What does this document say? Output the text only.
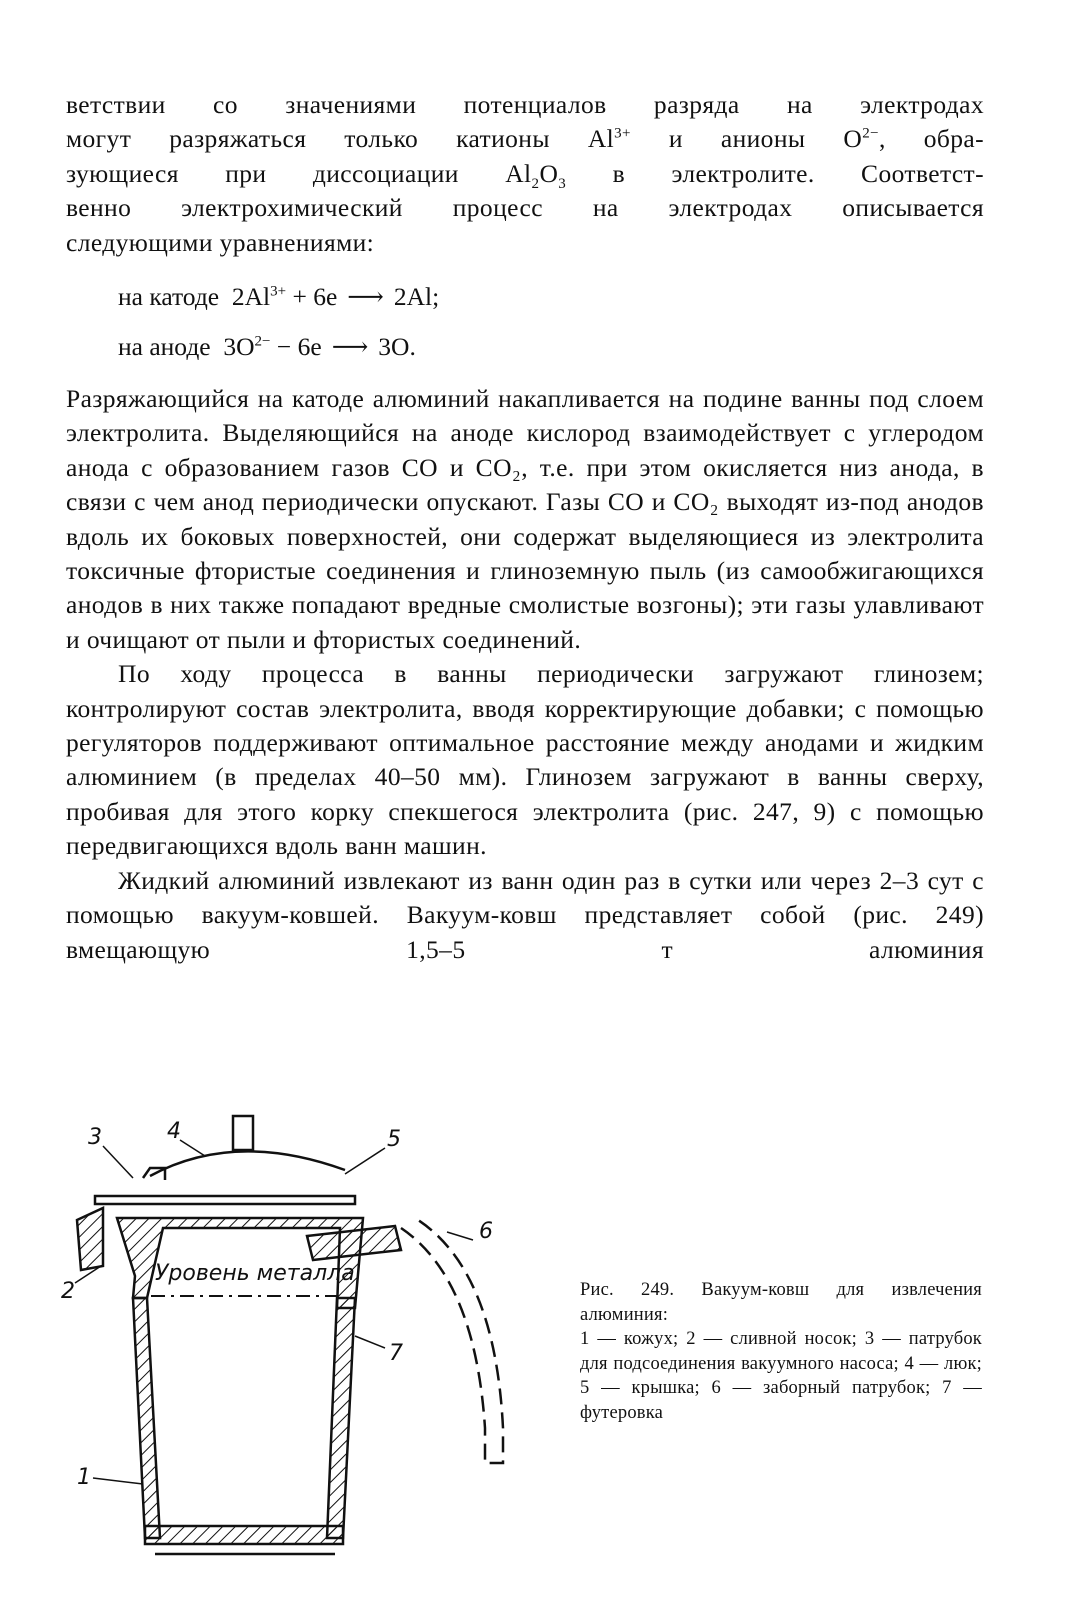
ветствии со значениями потенциалов разряда на электродах

могут разряжаться только катионы $Al^{3+}$ и анионы $O^{2-}$, обра-

зующиеся при диссоциации $Al_2O_3$ в электролите. Соответст-

венно электрохимический процесс на электродах описывается

следующими уравнениями:

на катоде $2Al^{3+} + 6e$ ⟶ 2Al;
на аноде $3O^{2-} - 6e$ ⟶ 3O.

Разряжающийся на катоде алюминий накапливается на подине ванны под слоем электролита. Выделяющийся на аноде кислород взаимодействует с углеродом анода с образованием газов CO и CO₂, т.е. при этом окисляется низ анода, в связи с чем анод периодически опускают. Газы CO и CO₂ выходят из-под анодов вдоль их боковых поверхностей, они содержат выделяющиеся из электролита токсичные фтористые соединения и глиноземную пыль (из самообжигающихся анодов в них также попадают вредные смолистые возгоны); эти газы улавливают и очищают от пыли и фтористых соединений.

По ходу процесса в ванны периодически загружают глинозем; контролируют состав электролита, вводя корректирующие добавки; с помощью регуляторов поддерживают оптимальное расстояние между анодами и жидким алюминием (в пределах 40–50 мм). Глинозем загружают в ванны сверху, пробивая для этого корку спекшегося электролита (рис. 247, 9) с помощью передвигающихся вдоль ванн машин.

Жидкий алюминий извлекают из ванн один раз в сутки или через 2–3 сут с помощью вакуум-ковшей. Вакуум-ковш представляет собой (рис. 249) вмещающую 1,5–5 т алюминия

Уровень металла
3	4	5
6
7
2
1

Рис. 249. Вакуум-ковш для извлечения алюминия:

1 — кожух; 2 — сливной носок; 3 — патрубок для подсоединения вакуумного насоса; 4 — люк; 5 — крышка; 6 — заборный патрубок; 7 — футеровка
